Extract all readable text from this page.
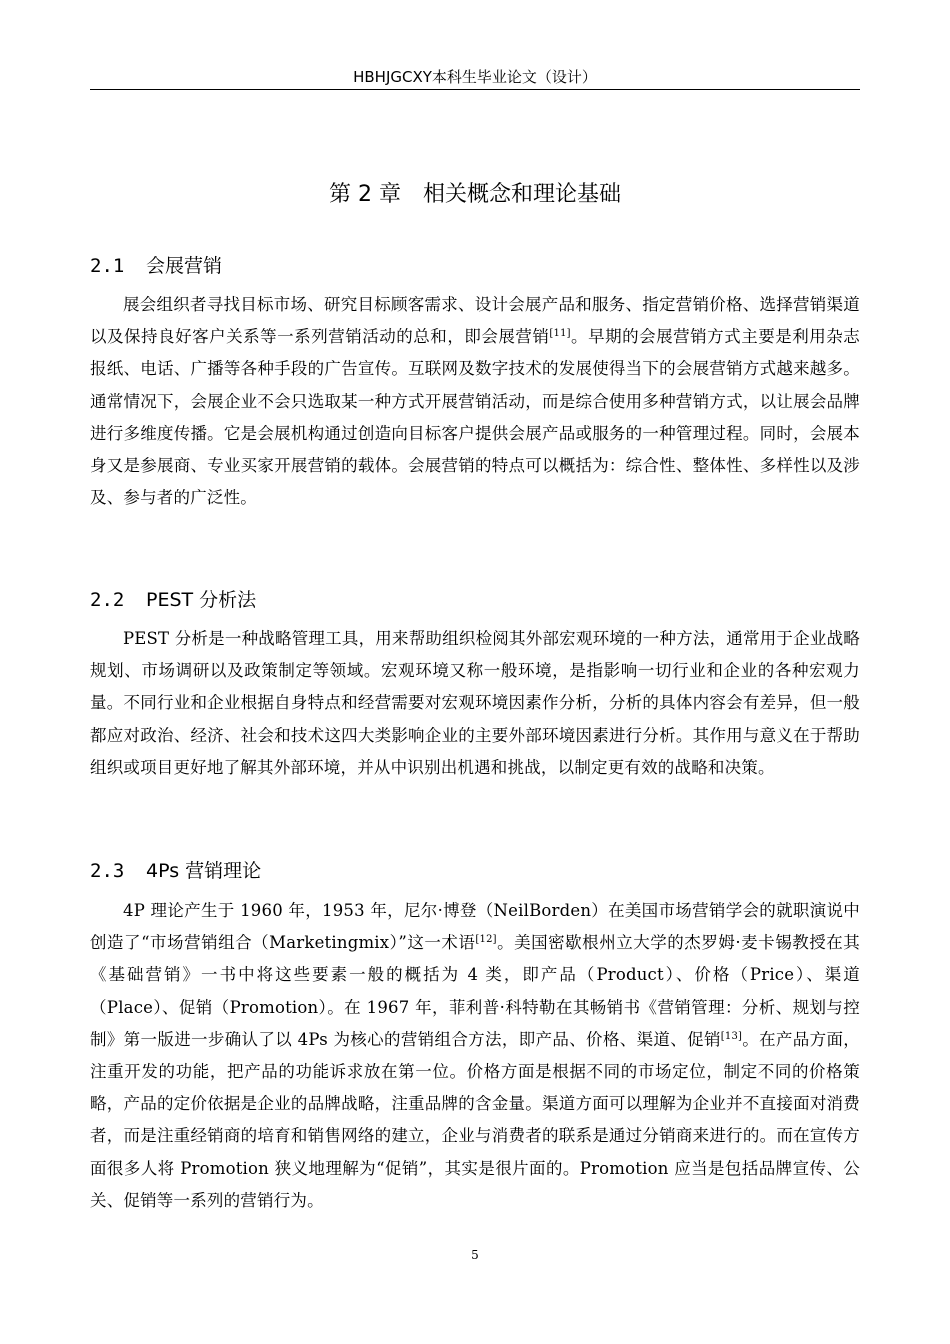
HBHJGCXY本科生毕业论文（设计）
第 2 章　相关概念和理论基础
2.1 会展营销

展会组织者寻找目标市场、研究目标顾客需求、设计会展产品和服务、指定营销价格、选择营销渠道以及保持良好客户关系等一系列营销活动的总和，即会展营销[11]。早期的会展营销方式主要是利用杂志报纸、电话、广播等各种手段的广告宣传。互联网及数字技术的发展使得当下的会展营销方式越来越多。通常情况下，会展企业不会只选取某一种方式开展营销活动，而是综合使用多种营销方式，以让展会品牌进行多维度传播。它是会展机构通过创造向目标客户提供会展产品或服务的一种管理过程。同时，会展本身又是参展商、专业买家开展营销的载体。会展营销的特点可以概括为：综合性、整体性、多样性以及涉及、参与者的广泛性。

2.2 PEST 分析法

PEST 分析是一种战略管理工具，用来帮助组织检阅其外部宏观环境的一种方法，通常用于企业战略规划、市场调研以及政策制定等领域。宏观环境又称一般环境，是指影响一切行业和企业的各种宏观力量。不同行业和企业根据自身特点和经营需要对宏观环境因素作分析，分析的具体内容会有差异，但一般都应对政治、经济、社会和技术这四大类影响企业的主要外部环境因素进行分析。其作用与意义在于帮助组织或项目更好地了解其外部环境，并从中识别出机遇和挑战，以制定更有效的战略和决策。

2.3 4Ps 营销理论

4P 理论产生于 1960 年，1953 年，尼尔·博登（NeilBorden）在美国市场营销学会的就职演说中创造了“市场营销组合（Marketingmix）”这一术语[12]。美国密歇根州立大学的杰罗姆·麦卡锡教授在其《基础营销》一书中将这些要素一般的概括为 4 类，即产品（Product）、价格（Price）、渠道（Place）、促销（Promotion）。在 1967 年，菲利普·科特勒在其畅销书《营销管理：分析、规划与控制》第一版进一步确认了以 4Ps 为核心的营销组合方法，即产品、价格、渠道、促销[13]。在产品方面，注重开发的功能，把产品的功能诉求放在第一位。价格方面是根据不同的市场定位，制定不同的价格策略，产品的定价依据是企业的品牌战略，注重品牌的含金量。渠道方面可以理解为企业并不直接面对消费者，而是注重经销商的培育和销售网络的建立，企业与消费者的联系是通过分销商来进行的。而在宣传方面很多人将 Promotion 狭义地理解为“促销”，其实是很片面的。Promotion 应当是包括品牌宣传、公关、促销等一系列的营销行为。

5
